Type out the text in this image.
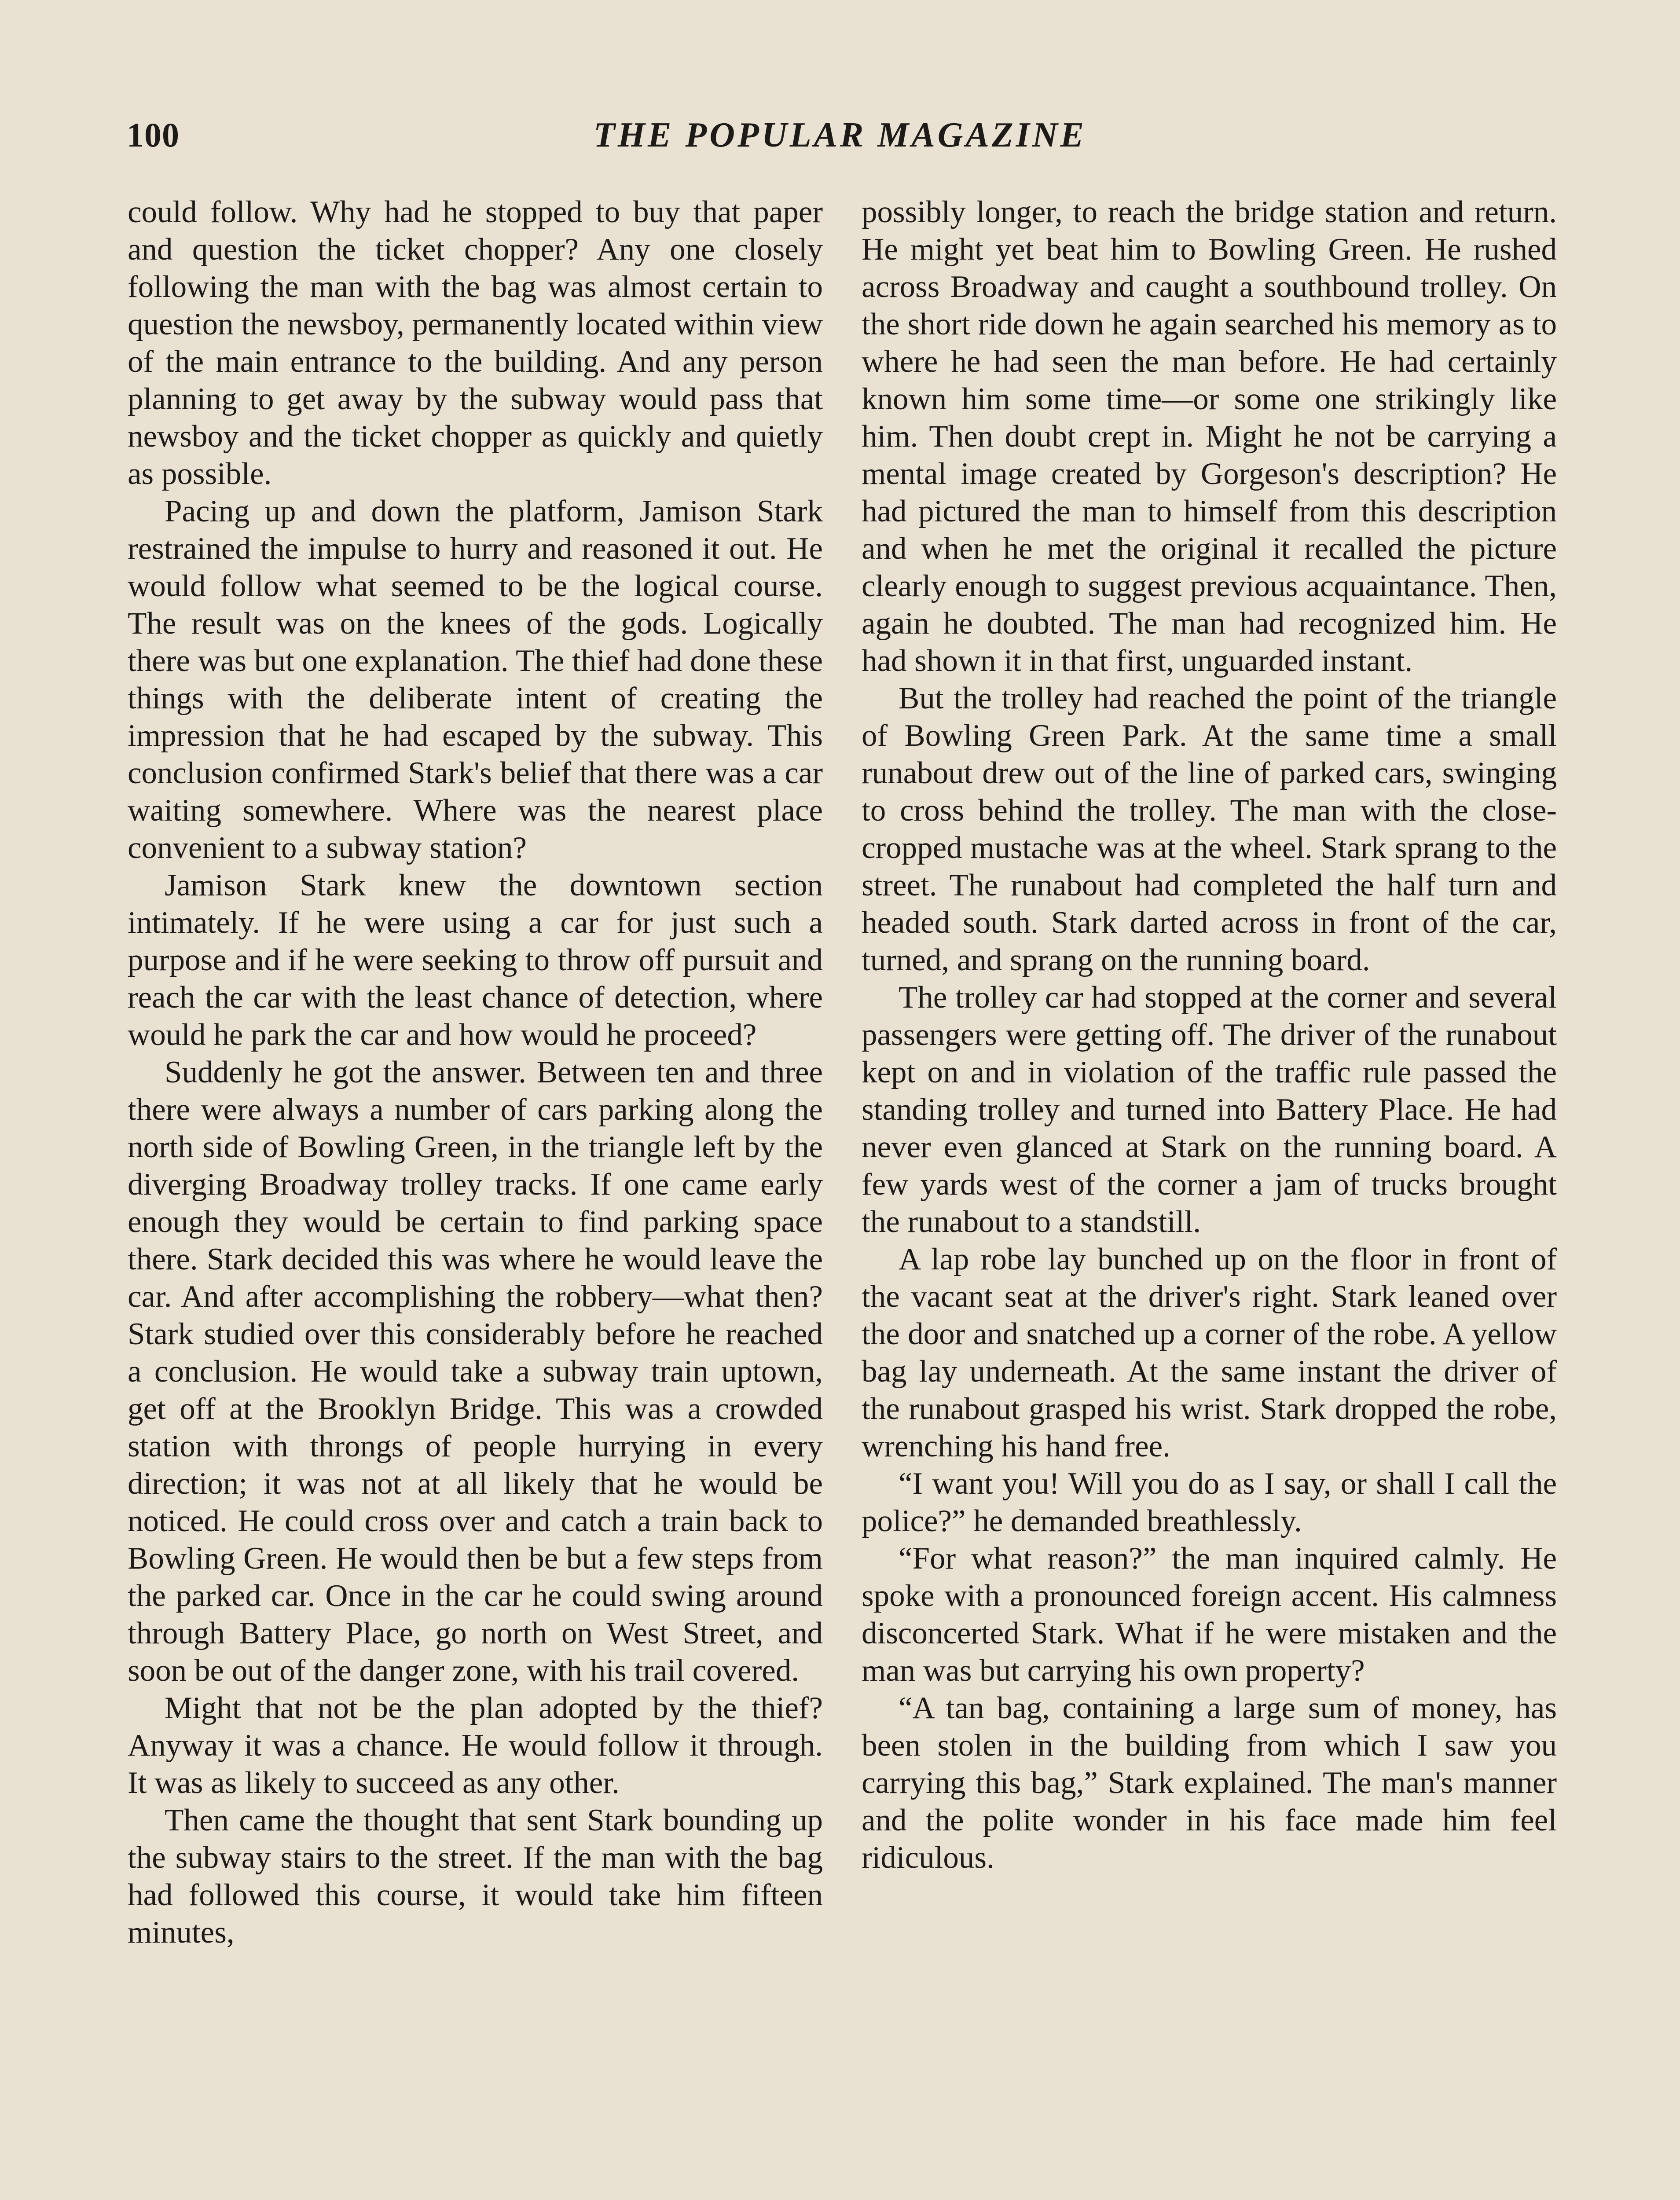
100	THE POPULAR MAGAZINE

could follow. Why had he stopped to buy that paper and question the ticket chopper? Any one closely following the man with the bag was almost certain to question the newsboy, permanently located within view of the main entrance to the building. And any person planning to get away by the subway would pass that newsboy and the ticket chopper as quickly and quietly as possible.

Pacing up and down the platform, Jamison Stark restrained the impulse to hurry and reasoned it out. He would follow what seemed to be the logical course. The result was on the knees of the gods. Logically there was but one explanation. The thief had done these things with the deliberate intent of creating the impression that he had escaped by the subway. This conclusion confirmed Stark's belief that there was a car waiting somewhere. Where was the nearest place convenient to a subway station?

Jamison Stark knew the downtown section intimately. If he were using a car for just such a purpose and if he were seeking to throw off pursuit and reach the car with the least chance of detection, where would he park the car and how would he proceed?

Suddenly he got the answer. Between ten and three there were always a number of cars parking along the north side of Bowling Green, in the triangle left by the diverging Broadway trolley tracks. If one came early enough they would be certain to find parking space there. Stark decided this was where he would leave the car. And after accomplishing the robbery—what then? Stark studied over this considerably before he reached a conclusion. He would take a subway train uptown, get off at the Brooklyn Bridge. This was a crowded station with throngs of people hurrying in every direction; it was not at all likely that he would be noticed. He could cross over and catch a train back to Bowling Green. He would then be but a few steps from the parked car. Once in the car he could swing around through Battery Place, go north on West Street, and soon be out of the danger zone, with his trail covered.

Might that not be the plan adopted by the thief? Anyway it was a chance. He would follow it through. It was as likely to succeed as any other.

Then came the thought that sent Stark bounding up the subway stairs to the street. If the man with the bag had followed this course, it would take him fifteen minutes,

possibly longer, to reach the bridge station and return. He might yet beat him to Bowling Green. He rushed across Broadway and caught a southbound trolley. On the short ride down he again searched his memory as to where he had seen the man before. He had certainly known him some time—or some one strikingly like him. Then doubt crept in. Might he not be carrying a mental image created by Gorgeson's description? He had pictured the man to himself from this description and when he met the original it recalled the picture clearly enough to suggest previous acquaintance. Then, again he doubted. The man had recognized him. He had shown it in that first, unguarded instant.

But the trolley had reached the point of the triangle of Bowling Green Park. At the same time a small runabout drew out of the line of parked cars, swinging to cross behind the trolley. The man with the close-cropped mustache was at the wheel. Stark sprang to the street. The runabout had completed the half turn and headed south. Stark darted across in front of the car, turned, and sprang on the running board.

The trolley car had stopped at the corner and several passengers were getting off. The driver of the runabout kept on and in violation of the traffic rule passed the standing trolley and turned into Battery Place. He had never even glanced at Stark on the running board. A few yards west of the corner a jam of trucks brought the runabout to a standstill.

A lap robe lay bunched up on the floor in front of the vacant seat at the driver's right. Stark leaned over the door and snatched up a corner of the robe. A yellow bag lay underneath. At the same instant the driver of the runabout grasped his wrist. Stark dropped the robe, wrenching his hand free.

“I want you! Will you do as I say, or shall I call the police?” he demanded breathlessly.

“For what reason?” the man inquired calmly. He spoke with a pronounced foreign accent. His calmness disconcerted Stark. What if he were mistaken and the man was but carrying his own property?

“A tan bag, containing a large sum of money, has been stolen in the building from which I saw you carrying this bag,” Stark explained. The man's manner and the polite wonder in his face made him feel ridiculous.
